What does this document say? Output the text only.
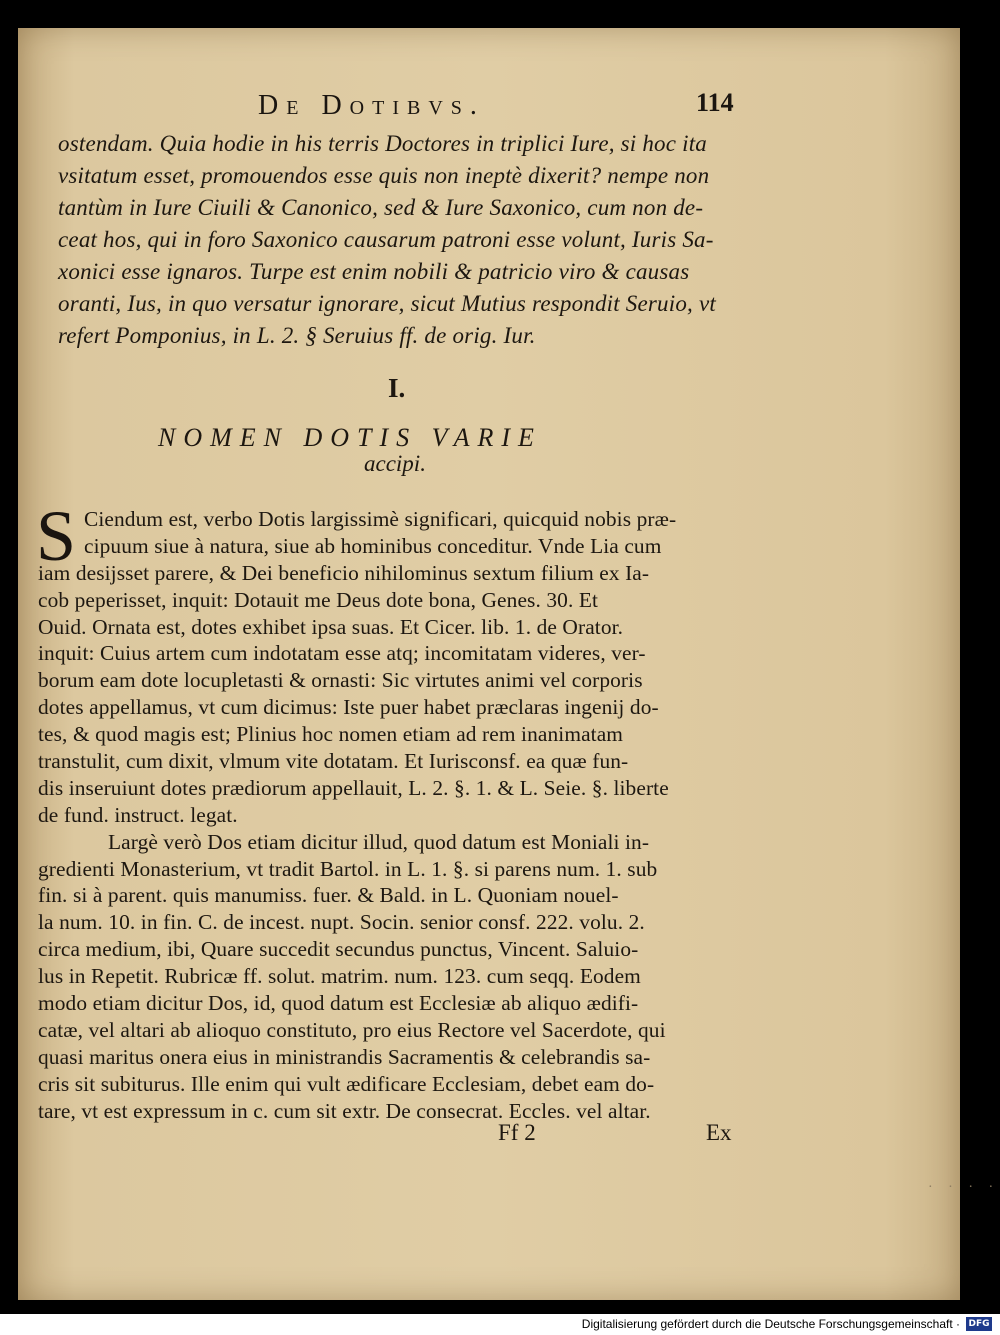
De Dotibvs.	114
ostendam. Quia hodie in his terris Doctores in triplici Iure, si hoc ita
vsitatum esset, promouendos esse quis non ineptè dixerit? nempe non
tantùm in Iure Ciuili & Canonico, sed & Iure Saxonico, cum non de-
ceat hos, qui in foro Saxonico causarum patroni esse volunt, Iuris Sa-
xonici esse ignaros. Turpe est enim nobili & patricio viro & causas
oranti, Ius, in quo versatur ignorare, sicut Mutius respondit Seruio, vt
refert Pomponius, in L. 2. § Seruius ff. de orig. Iur.
I.
NOMEN DOTIS VARIE
accipi.
S Ciendum est, verbo Dotis largissimè significari, quicquid nobis præ-
cipuum siue à natura, siue ab hominibus conceditur. Vnde Lia cum
iam desijsset parere, & Dei beneficio nihilominus sextum filium ex Ia-
cob peperisset, inquit: Dotauit me Deus dote bona, Genes. 30. Et
Ouid. Ornata est, dotes exhibet ipsa suas. Et Cicer. lib. 1. de Orator.
inquit: Cuius artem cum indotatam esse atq; incomitatam videres, ver-
borum eam dote locupletasti & ornasti: Sic virtutes animi vel corporis
dotes appellamus, vt cum dicimus: Iste puer habet præclaras ingenij do-
tes, & quod magis est; Plinius hoc nomen etiam ad rem inanimatam
transtulit, cum dixit, vlmum vite dotatam. Et Iurisconsf. ea quæ fun-
dis inseruiunt dotes prædiorum appellauit, L. 2. §. 1. & L. Seie. §. liberte
de fund. instruct. legat.
Largè verò Dos etiam dicitur illud, quod datum est Moniali in-
gredienti Monasterium, vt tradit Bartol. in L. 1. §. si parens num. 1. sub
fin. si à parent. quis manumiss. fuer. & Bald. in L. Quoniam nouel-
la num. 10. in fin. C. de incest. nupt. Socin. senior consf. 222. volu. 2.
circa medium, ibi, Quare succedit secundus punctus, Vincent. Saluio-
lus in Repetit. Rubricæ ff. solut. matrim. num. 123. cum seqq. Eodem
modo etiam dicitur Dos, id, quod datum est Ecclesiæ ab aliquo ædifi-
catæ, vel altari ab alioquo constituto, pro eius Rectore vel Sacerdote, qui
quasi maritus onera eius in ministrandis Sacramentis & celebrandis sa-
cris sit subiturus. Ille enim qui vult ædificare Ecclesiam, debet eam do-
tare, vt est expressum in c. cum sit extr. De consecrat. Eccles. vel altar.
Ff 2	Ex
· · · ·
Digitalisierung gefördert durch die Deutsche Forschungsgemeinschaft · DFG
